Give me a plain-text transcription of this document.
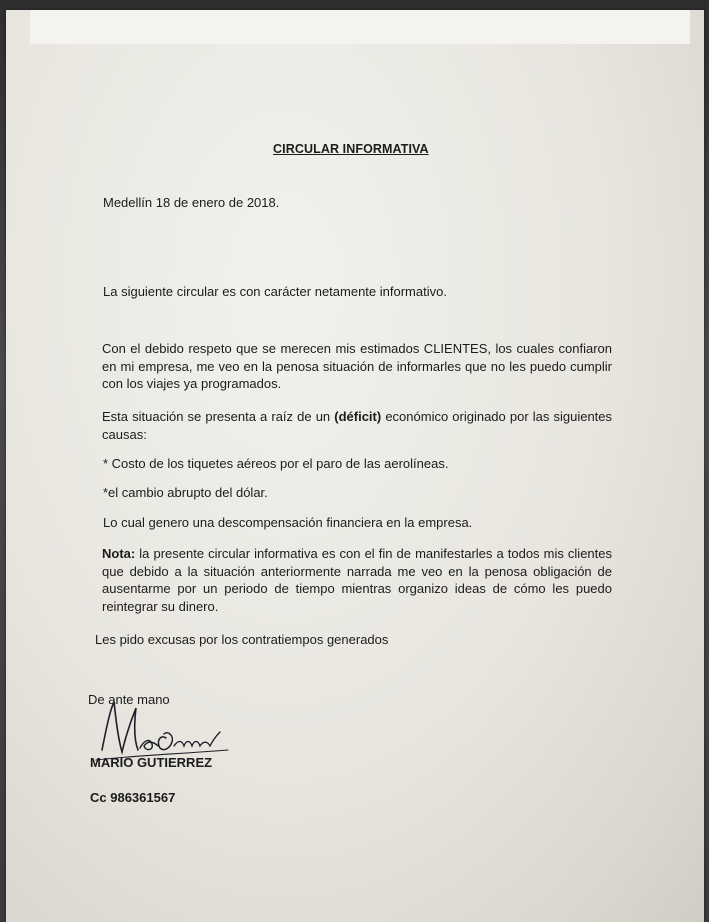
CIRCULAR INFORMATIVA
Medellín 18 de enero de 2018.
La siguiente circular es con carácter netamente informativo.
Con el debido respeto que se merecen mis estimados CLIENTES, los cuales confiaron en mi empresa, me veo en la penosa situación de informarles que no les puedo cumplir con los viajes ya programados.
Esta situación se presenta a raíz de un (déficit) económico originado por las siguientes causas:
* Costo de los tiquetes aéreos por el paro de las aerolíneas.
*el cambio abrupto del dólar.
Lo cual genero una descompensación financiera en la empresa.
Nota: la presente circular informativa es con el fin de manifestarles a todos mis clientes que debido a la situación anteriormente narrada me veo en la penosa obligación de ausentarme por un periodo de tiempo mientras organizo ideas de cómo les puedo reintegrar su dinero.
Les pido excusas por los contratiempos generados
De ante mano
MARIO GUTIERREZ
Cc 986361567
